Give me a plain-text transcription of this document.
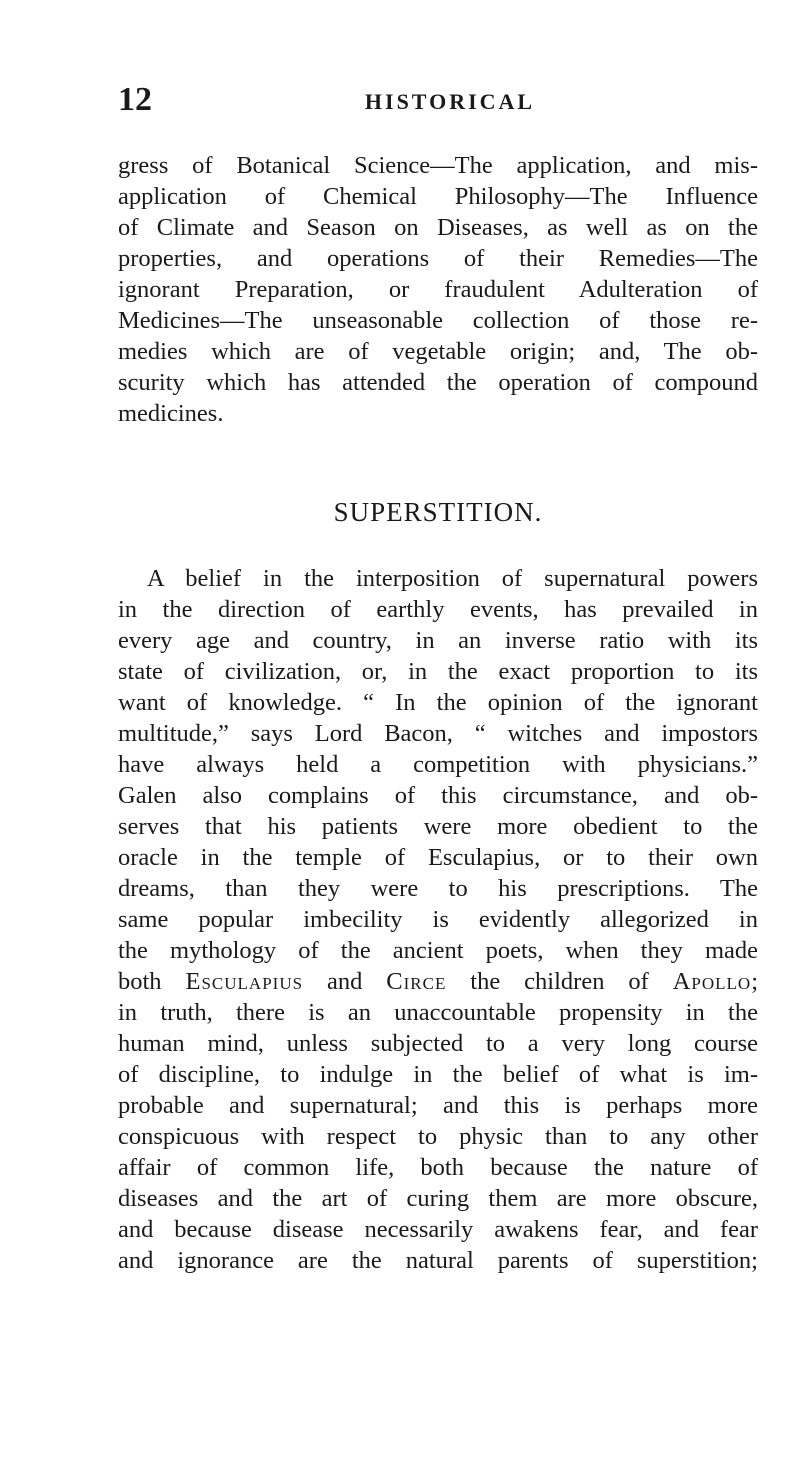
12	HISTORICAL
gress of Botanical Science—The application, and mis-
application of Chemical Philosophy—The Influence
of Climate and Season on Diseases, as well as on the
properties, and operations of their Remedies—The
ignorant Preparation, or fraudulent Adulteration of
Medicines—The unseasonable collection of those re-
medies which are of vegetable origin; and, The ob-
scurity which has attended the operation of compound
medicines.
SUPERSTITION.
A belief in the interposition of supernatural powers
in the direction of earthly events, has prevailed in
every age and country, in an inverse ratio with its
state of civilization, or, in the exact proportion to its
want of knowledge. “ In the opinion of the ignorant
multitude,” says Lord Bacon, “ witches and impostors
have always held a competition with physicians.”
Galen also complains of this circumstance, and ob-
serves that his patients were more obedient to the
oracle in the temple of Esculapius, or to their own
dreams, than they were to his prescriptions. The
same popular imbecility is evidently allegorized in
the mythology of the ancient poets, when they made
both Esculapius and Circe the children of Apollo;
in truth, there is an unaccountable propensity in the
human mind, unless subjected to a very long course
of discipline, to indulge in the belief of what is im-
probable and supernatural; and this is perhaps more
conspicuous with respect to physic than to any other
affair of common life, both because the nature of
diseases and the art of curing them are more obscure,
and because disease necessarily awakens fear, and fear
and ignorance are the natural parents of superstition;
